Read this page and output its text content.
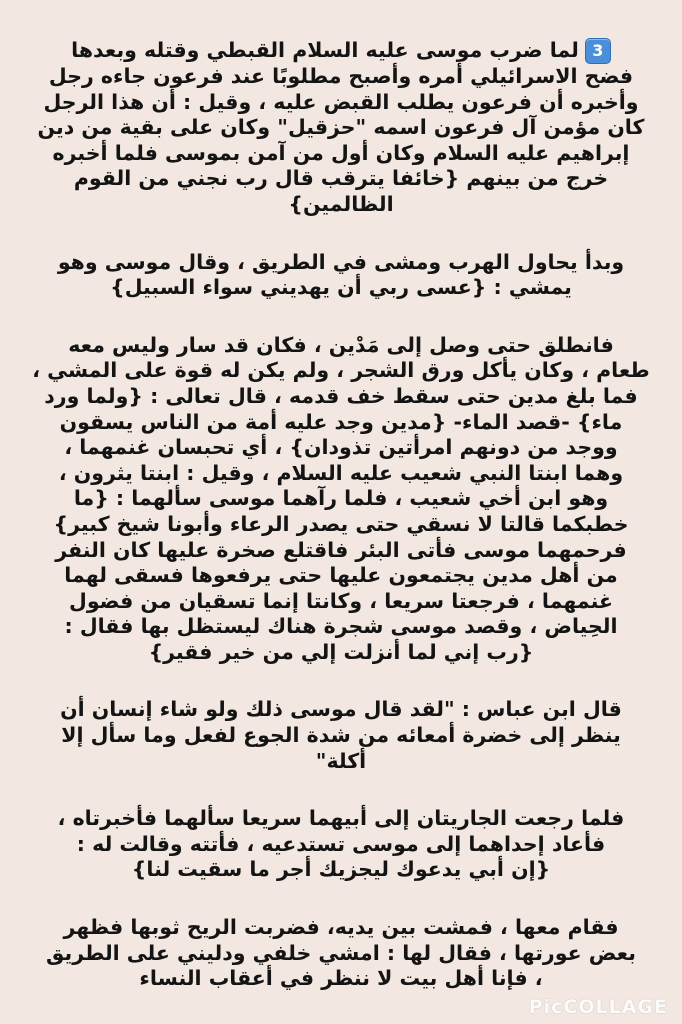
3لما ضرب موسى عليه السلام القبطي وقتله وبعدها
فضح الاسرائيلي أمره وأصبح مطلوبًا عند فرعون جاءه رجل
وأخبره أن فرعون يطلب القبض عليه ، وقيل : أن هذا الرجل
كان مؤمن آل فرعون اسمه "حزقيل" وكان على بقية من دين
إبراهيم عليه السلام وكان أول من آمن بموسى فلما أخبره
خرج من بينهم {خائفا يترقب قال رب نجني من القوم
الظالمين}

وبدأ يحاول الهرب ومشى في الطريق ، وقال موسى وهو
يمشي : {عسى ربي أن يهديني سواء السبيل}

فانطلق حتى وصل إلى مَدْين ، فكان قد سار وليس معه
طعام ، وكان يأكل ورق الشجر ، ولم يكن له قوة على المشي ،
فما بلغ مدين حتى سقط خف قدمه ، قال تعالى : {ولما ورد
ماء} -قصد الماء- {مدين وجد عليه أمة من الناس يسقون
ووجد من دونهم امرأتين تذودان} ، أي تحبسان غنمهما ،
وهما ابنتا النبي شعيب عليه السلام ، وقيل : ابنتا يثرون ،
وهو ابن أخي شعيب ، فلما رآهما موسى سألهما : {ما
خطبكما قالتا لا نسقي حتى يصدر الرعاء وأبونا شيخ كبير}
فرحمهما موسى فأتى البئر فاقتلع صخرة عليها كان النفر
من أهل مدين يجتمعون عليها حتى يرفعوها فسقى لهما
غنمهما ، فرجعتا سريعا ، وكانتا إنما تسقيان من فضول
الحِياض ، وقصد موسى شجرة هناك ليستظل بها فقال :
{رب إني لما أنزلت إلي من خير فقير}

قال ابن عباس : "لقد قال موسى ذلك ولو شاء إنسان أن
ينظر إلى خضرة أمعائه من شدة الجوع لفعل وما سأل إلا
أكلة"

فلما رجعت الجاريتان إلى أبيهما سريعا سألهما فأخبرتاه ،
فأعاد إحداهما إلى موسى تستدعيه ، فأتته وقالت له :
{إن أبي يدعوك ليجزيك أجر ما سقيت لنا}

فقام معها ، فمشت بين يديه، فضربت الريح ثوبها فظهر
بعض عورتها ، فقال لها : امشي خلفي ودليني على الطريق
، فإنا أهل بيت لا ننظر في أعقاب النساء

PicCOLLAGE
